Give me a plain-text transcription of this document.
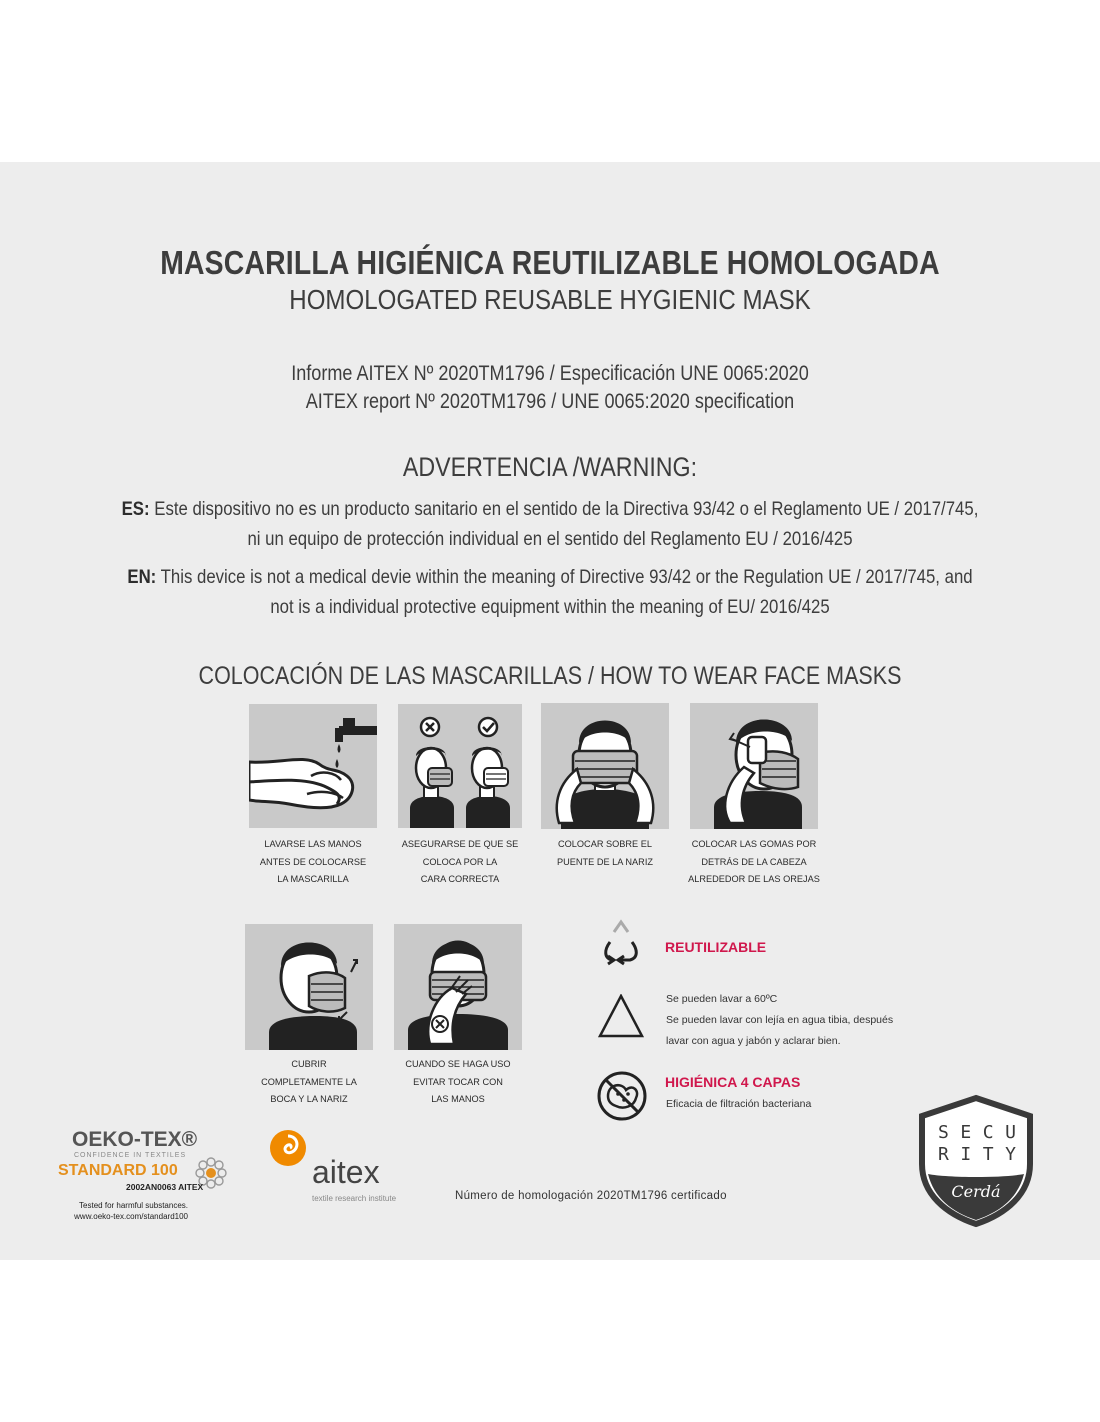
MASCARILLA HIGIÉNICA REUTILIZABLE HOMOLOGADA
HOMOLOGATED REUSABLE HYGIENIC MASK
Informe AITEX Nº 2020TM1796 / Especificación UNE 0065:2020
AITEX report Nº 2020TM1796 / UNE 0065:2020 specification
ADVERTENCIA /WARNING:
ES: Este dispositivo no es un producto sanitario en el sentido de la Directiva 93/42 o el Reglamento UE / 2017/745,
ni un equipo de protección individual en el sentido del Reglamento EU / 2016/425
EN: This device is not a medical devie within the meaning of Directive 93/42 or the Regulation UE / 2017/745, and
not is a individual protective equipment within the meaning of EU/ 2016/425
COLOCACIÓN DE LAS MASCARILLAS / HOW TO WEAR FACE MASKS
LAVARSE LAS MANOS
ANTES DE COLOCARSE
LA MASCARILLA
ASEGURARSE DE QUE SE
COLOCA POR LA
CARA CORRECTA
COLOCAR SOBRE EL
PUENTE DE LA NARIZ
COLOCAR LAS GOMAS POR
DETRÁS DE LA CABEZA
ALREDEDOR DE LAS OREJAS
CUBRIR
COMPLETAMENTE LA
BOCA Y LA NARIZ
CUANDO SE HAGA USO
EVITAR TOCAR CON
LAS MANOS
REUTILIZABLE
Se pueden lavar a 60ºC
Se pueden lavar con lejía en agua tibia, después
lavar con agua y jabón y aclarar bien.
HIGIÉNICA 4 CAPAS
Eficacia de filtración bacteriana
OEKO-TEX®
CONFIDENCE IN TEXTILES
STANDARD 100
2002AN0063 AITEX
Tested for harmful substances.
www.oeko-tex.com/standard100
aitex
textile research institute	Número de homologación 2020TM1796 certificado
S E C U
R I T Y
Cerdá
